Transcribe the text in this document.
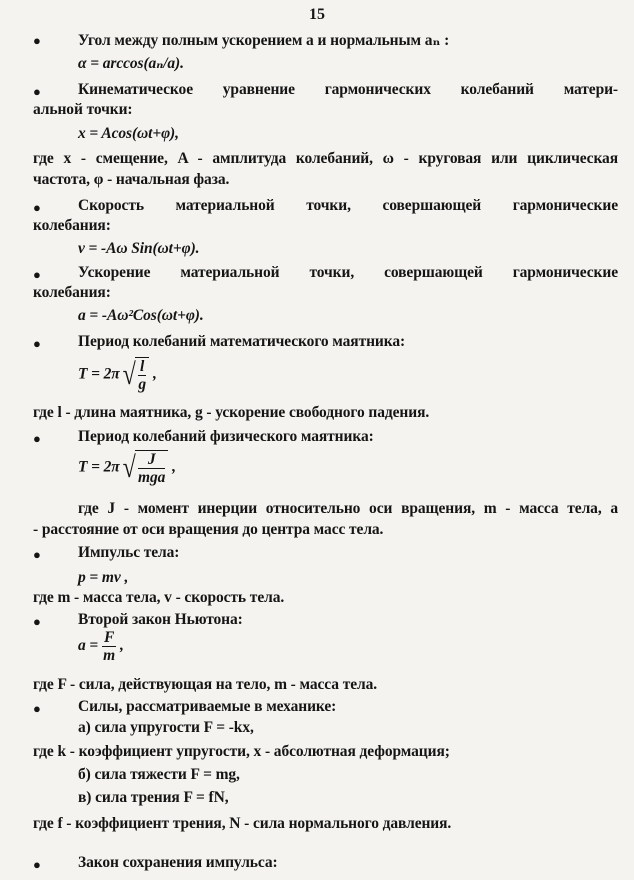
15
● Угол между полным ускорением a и нормальным aₙ :
α = arccos(aₙ/a).
● Кинематическое уравнение гармонических колебаний матери-
альной точки:
x = Acos(ωt+φ),
где x - смещение, A - амплитуда колебаний, ω - круговая или циклическая
частота, φ - начальная фаза.
● Скорость материальной точки, совершающей гармонические
колебания:
v = -Aω Sin(ωt+φ).
● Ускорение материальной точки, совершающей гармонические
колебания:
a = -Aω²Cos(ωt+φ).
● Период колебаний математического маятника:
$T = 2\pi√ \frac{l}{g}$ ,
где l - длина маятника, g - ускорение свободного падения.
● Период колебаний физического маятника:
$T = 2\pi√ \frac{J}{\text{mga}}$ ,
где J - момент инерции относительно оси вращения, m - масса тела, a
- расстояние от оси вращения до центра масс тела.
● Импульс тела:
p = mv ,
где m - масса тела, v - скорость тела.
● Второй закон Ньютона:
$a = \frac{F}{m}$ ,
где F - сила, действующая на тело, m - масса тела.
● Силы, рассматриваемые в механике:
а) сила упругости F = -kx,
где k - коэффициент упругости, x - абсолютная деформация;
б) сила тяжести F = mg,
в) сила трения F = fN,
где f - коэффициент трения, N - сила нормального давления.
● Закон сохранения импульса:
